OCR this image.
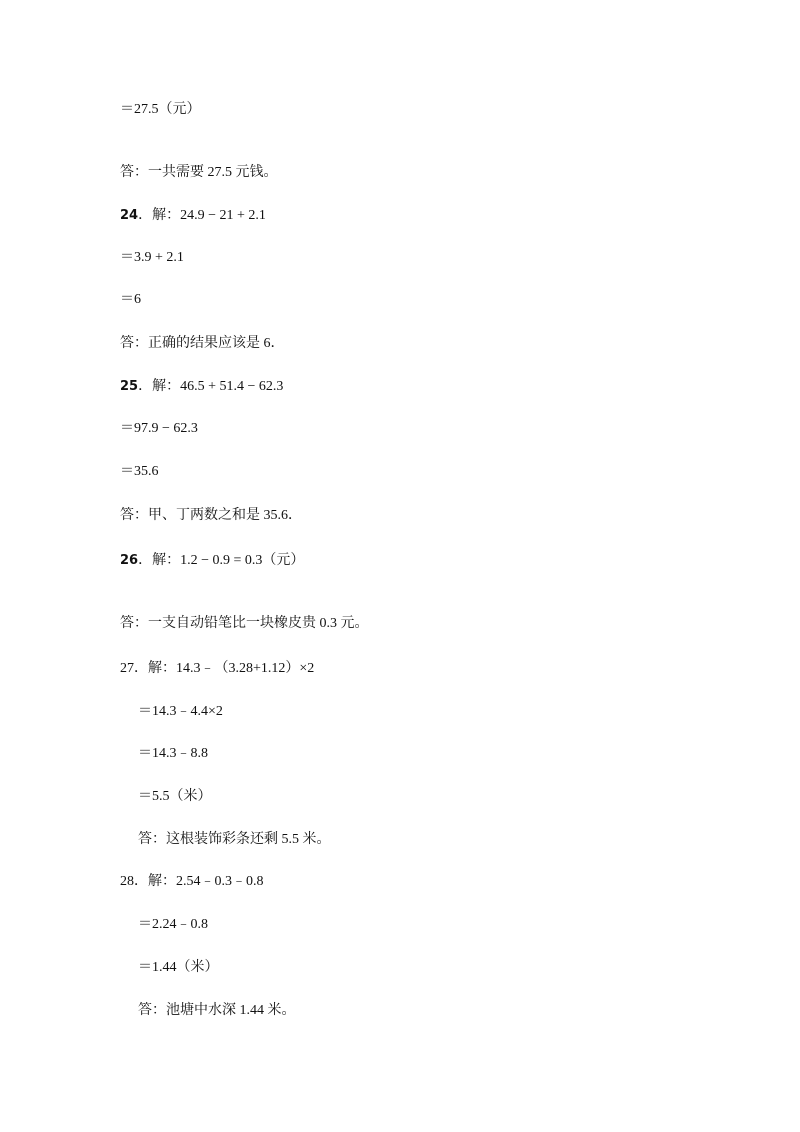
＝27.5（元）
答：一共需要 27.5 元钱。
24．解：24.9 − 21 + 2.1
＝3.9 + 2.1
＝6
答：正确的结果应该是 6．
25．解：46.5 + 51.4 − 62.3
＝97.9 − 62.3
＝35.6
答：甲、丁两数之和是 35.6．
26．解：1.2 − 0.9 = 0.3（元）
答：一支自动铅笔比一块橡皮贵 0.3 元。
27．解：14.3﹣（3.28+1.12）×2
＝14.3﹣4.4×2
＝14.3﹣8.8
＝5.5（米）
答：这根装饰彩条还剩 5.5 米。
28．解：2.54﹣0.3﹣0.8
＝2.24﹣0.8
＝1.44（米）
答：池塘中水深 1.44 米。
